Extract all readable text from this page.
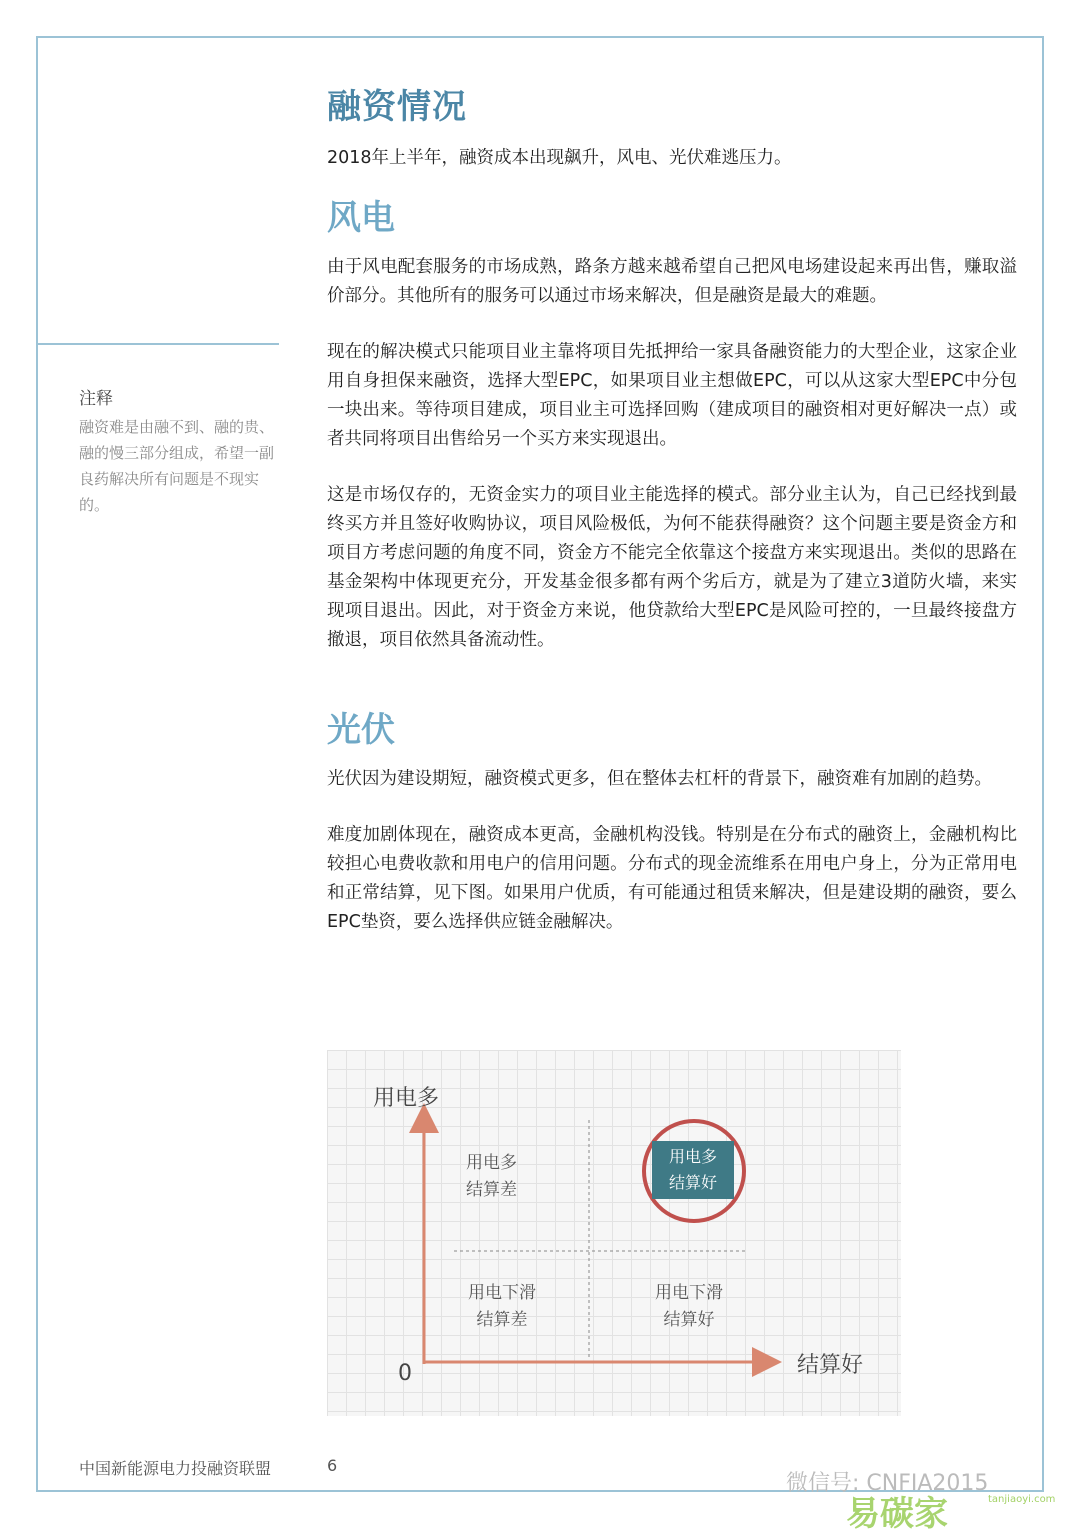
注释
融资难是由融不到、融的贵、融的慢三部分组成，希望一副良药解决所有问题是不现实的。
融资情况

2018年上半年，融资成本出现飙升，风电、光伏难逃压力。

风电

由于风电配套服务的市场成熟，路条方越来越希望自己把风电场建设起来再出售，赚取溢价部分。其他所有的服务可以通过市场来解决，但是融资是最大的难题。

现在的解决模式只能项目业主靠将项目先抵押给一家具备融资能力的大型企业，这家企业用自身担保来融资，选择大型EPC，如果项目业主想做EPC，可以从这家大型EPC中分包一块出来。等待项目建成，项目业主可选择回购（建成项目的融资相对更好解决一点）或者共同将项目出售给另一个买方来实现退出。

这是市场仅存的，无资金实力的项目业主能选择的模式。部分业主认为，自己已经找到最终买方并且签好收购协议，项目风险极低，为何不能获得融资？这个问题主要是资金方和项目方考虑问题的角度不同，资金方不能完全依靠这个接盘方来实现退出。类似的思路在基金架构中体现更充分，开发基金很多都有两个劣后方，就是为了建立3道防火墙，来实现项目退出。因此，对于资金方来说，他贷款给大型EPC是风险可控的，一旦最终接盘方撤退，项目依然具备流动性。

光伏

光伏因为建设期短，融资模式更多，但在整体去杠杆的背景下，融资难有加剧的趋势。

难度加剧体现在，融资成本更高，金融机构没钱。特别是在分布式的融资上，金融机构比较担心电费收款和用电户的信用问题。分布式的现金流维系在用电户身上，分为正常用电和正常结算，见下图。如果用户优质，有可能通过租赁来解决，但是建设期的融资，要么EPC垫资，要么选择供应链金融解决。

用电多
结算好
0
用电多
结算差
用电多
结算好
用电下滑
结算差
用电下滑
结算好
中国新能源电力投融资联盟	6
微信号: CNFIA2015
易碳家	tanjiaoyi.com
